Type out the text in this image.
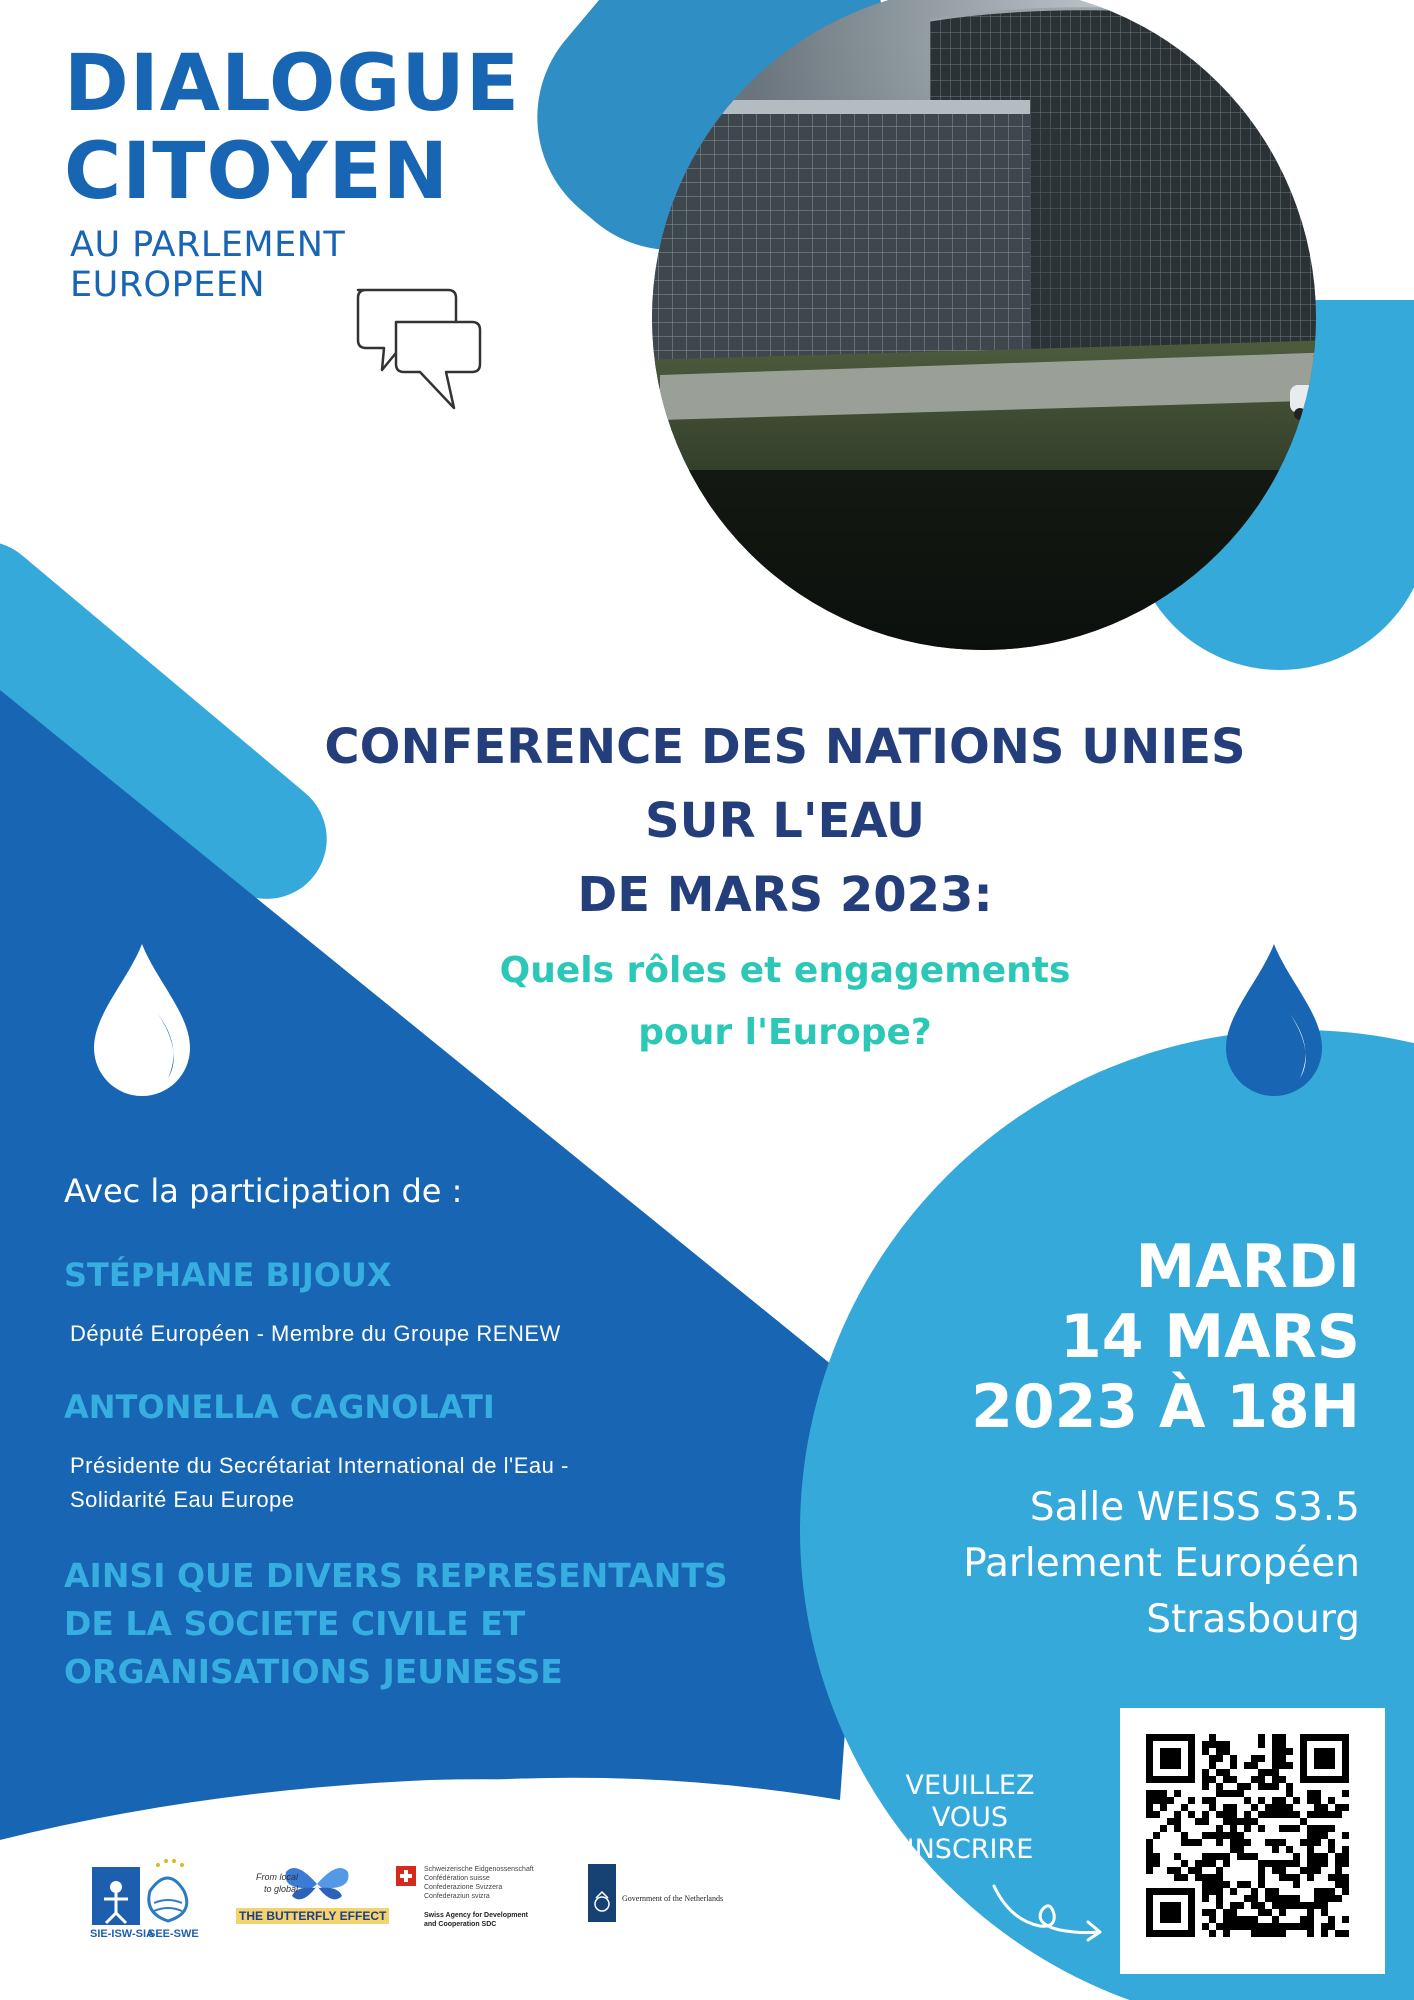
DIALOGUE
CITOYEN
AU PARLEMENT
EUROPEEN
CONFERENCE DES NATIONS UNIES
SUR L'EAU
DE MARS 2023:
Quels rôles et engagements
pour l'Europe?
Avec la participation de :
STÉPHANE BIJOUX
Député Européen - Membre du Groupe RENEW
ANTONELLA CAGNOLATI
Présidente du Secrétariat International de l'Eau -
Solidarité Eau Europe
AINSI QUE DIVERS REPRESENTANTS
DE LA SOCIETE CIVILE ET
ORGANISATIONS JEUNESSE
MARDI
14 MARS
2023 À 18H
Salle WEISS S3.5
Parlement Européen
Strasbourg
VEUILLEZ
VOUS
INSCRIRE
SIE-ISW-SIA
SEE-SWE
From local
to global
THE BUTTERFLY EFFECT
Schweizerische Eidgenossenschaft
Confédération suisse
Confederazione Svizzera
Confederaziun svizra
Swiss Agency for Development
and Cooperation SDC
Government of the Netherlands
